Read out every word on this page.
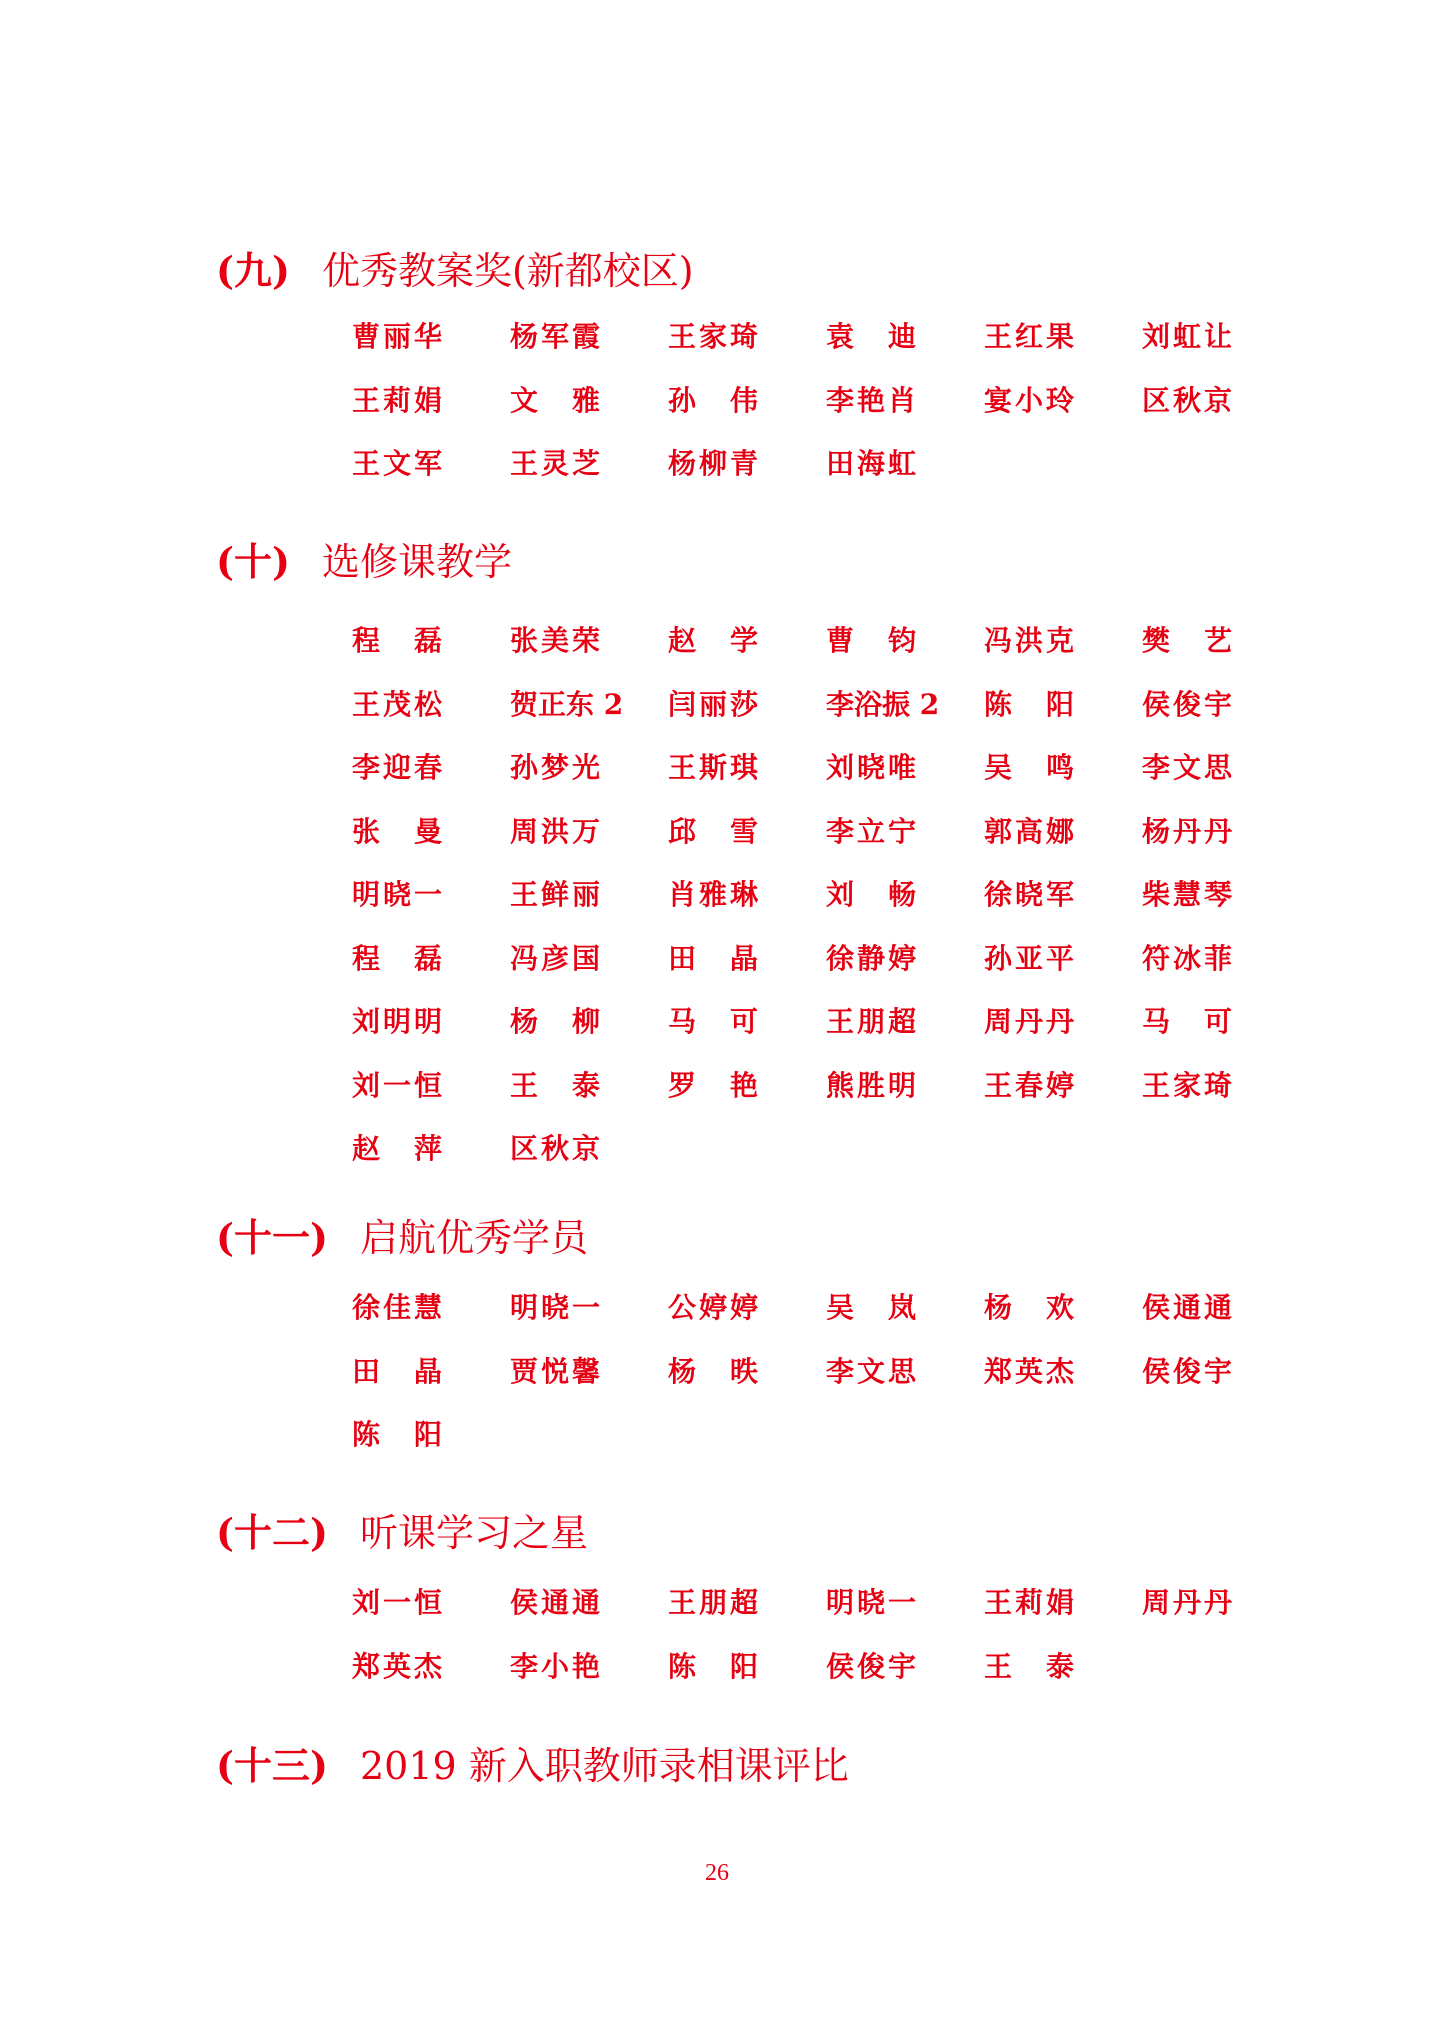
(九) 优秀教案奖(新都校区)
曹丽华 杨军霞 王家琦 袁　迪 王红果 刘虹让
王莉娟 文　雅 孙　伟 李艳肖 宴小玲 区秋京
王文军 王灵芝 杨柳青 田海虹
(十) 选修课教学
程　磊 张美荣 赵　学 曹　钧 冯洪克 樊　艺
王茂松 贺正东 2 闫丽莎 李浴振 2 陈　阳 侯俊宇
李迎春 孙梦光 王斯琪 刘晓唯 吴　鸣 李文思
张　曼 周洪万 邱　雪 李立宁 郭高娜 杨丹丹
明晓一 王鲜丽 肖雅琳 刘　畅 徐晓军 柴慧琴
程　磊 冯彦国 田　晶 徐静婷 孙亚平 符冰菲
刘明明 杨　柳 马　可 王朋超 周丹丹 马　可
刘一恒 王　泰 罗　艳 熊胜明 王春婷 王家琦
赵　萍 区秋京
(十一) 启航优秀学员
徐佳慧 明晓一 公婷婷 吴　岚 杨　欢 侯通通
田　晶 贾悦馨 杨　昳 李文思 郑英杰 侯俊宇
陈　阳
(十二) 听课学习之星
刘一恒 侯通通 王朋超 明晓一 王莉娟 周丹丹
郑英杰 李小艳 陈　阳 侯俊宇 王　泰
(十三) 2019 新入职教师录相课评比
26
